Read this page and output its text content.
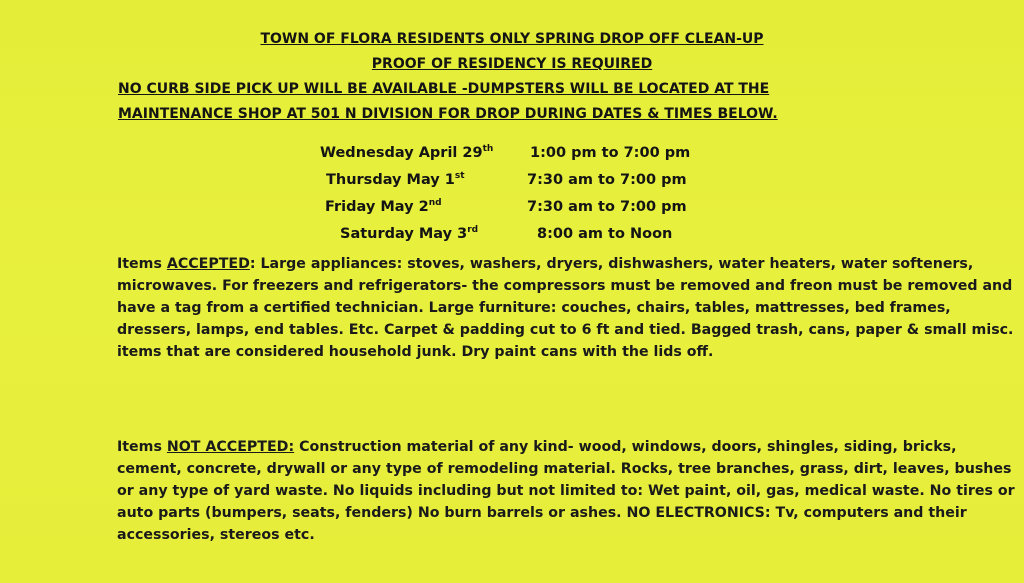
TOWN OF FLORA RESIDENTS ONLY SPRING DROP OFF CLEAN-UP
PROOF OF RESIDENCY IS REQUIRED
NO CURB SIDE PICK UP WILL BE AVAILABLE -DUMPSTERS WILL BE LOCATED AT THE
MAINTENANCE SHOP AT 501 N DIVISION FOR DROP DURING DATES & TIMES BELOW.
Wednesday April 29th	1:00 pm to 7:00 pm
Thursday May 1st	7:30 am to 7:00 pm
Friday May 2nd	7:30 am to 7:00 pm
Saturday May 3rd	8:00 am to Noon
Items ACCEPTED: Large appliances: stoves, washers, dryers, dishwashers, water heaters, water softeners, microwaves. For freezers and refrigerators- the compressors must be removed and freon must be removed and have a tag from a certified technician. Large furniture: couches, chairs, tables, mattresses, bed frames, dressers, lamps, end tables. Etc. Carpet & padding cut to 6 ft and tied. Bagged trash, cans, paper & small misc. items that are considered household junk. Dry paint cans with the lids off.
Items NOT ACCEPTED: Construction material of any kind- wood, windows, doors, shingles, siding, bricks, cement, concrete, drywall or any type of remodeling material. Rocks, tree branches, grass, dirt, leaves, bushes or any type of yard waste. No liquids including but not limited to: Wet paint, oil, gas, medical waste. No tires or auto parts (bumpers, seats, fenders) No burn barrels or ashes. NO ELECTRONICS: Tv, computers and their accessories, stereos etc.
